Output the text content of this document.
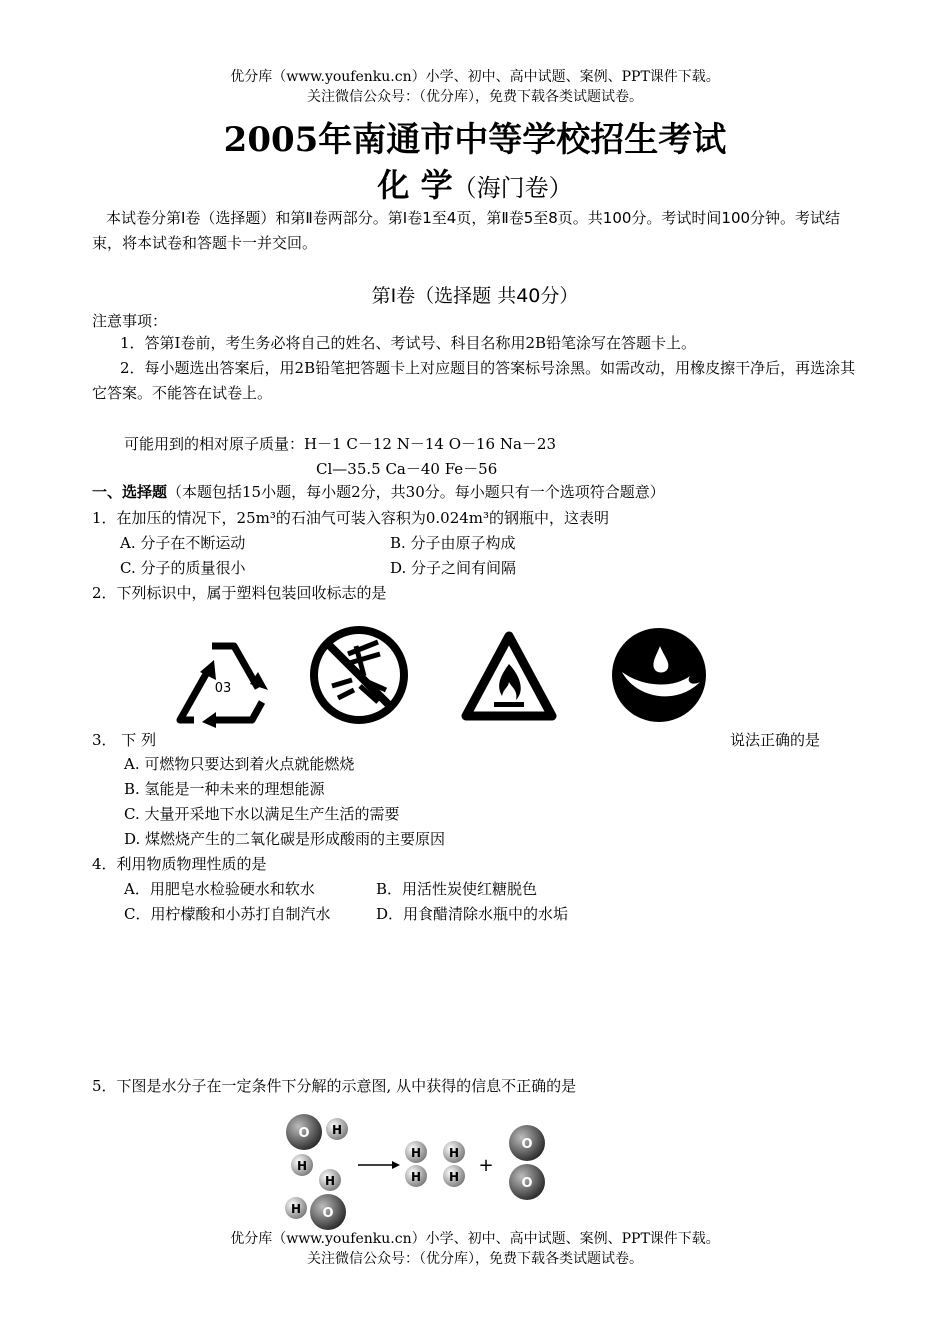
优分库（www.youfenku.cn）小学、初中、高中试题、案例、PPT课件下载。
关注微信公众号：（优分库），免费下载各类试题试卷。
2005年南通市中等学校招生考试
化 学（海门卷）
本试卷分第Ⅰ卷（选择题）和第Ⅱ卷两部分。第Ⅰ卷1至4页，第Ⅱ卷5至8页。共100分。考试时间100分钟。考试结束，将本试卷和答题卡一并交回。
第Ⅰ卷（选择题 共40分）
注意事项：
1．答第Ⅰ卷前，考生务必将自己的姓名、考试号、科目名称用2B铅笔涂写在答题卡上。
2．每小题选出答案后，用2B铅笔把答题卡上对应题目的答案标号涂黑。如需改动，用橡皮擦干净后，再选涂其它答案。不能答在试卷上。
可能用到的相对原子质量：H－1 C－12 N－14 O－16 Na－23
Cl—35.5 Ca－40 Fe－56
一、选择题（本题包括15小题，每小题2分，共30分。每小题只有一个选项符合题意）
1．在加压的情况下，25m³的石油气可装入容积为0.024m³的钢瓶中，这表明
A. 分子在不断运动	B. 分子由原子构成
C. 分子的质量很小	D. 分子之间有间隔
2．下列标识中，属于塑料包装回收标志的是
03
3． 下 列	说法正确的是
A. 可燃物只要达到着火点就能燃烧
B. 氢能是一种未来的理想能源
C. 大量开采地下水以满足生产生活的需要
D. 煤燃烧产生的二氧化碳是形成酸雨的主要原因
4．利用物质物理性质的是
A．用肥皂水检验硬水和软水	B．用活性炭使红糖脱色
C．用柠檬酸和小苏打自制汽水	D．用食醋清除水瓶中的水垢
5．下图是水分子在一定条件下分解的示意图, 从中获得的信息不正确的是
O H
H
H
H O
H
H
H
H
+
O
O
优分库（www.youfenku.cn）小学、初中、高中试题、案例、PPT课件下载。
关注微信公众号：（优分库），免费下载各类试题试卷。
